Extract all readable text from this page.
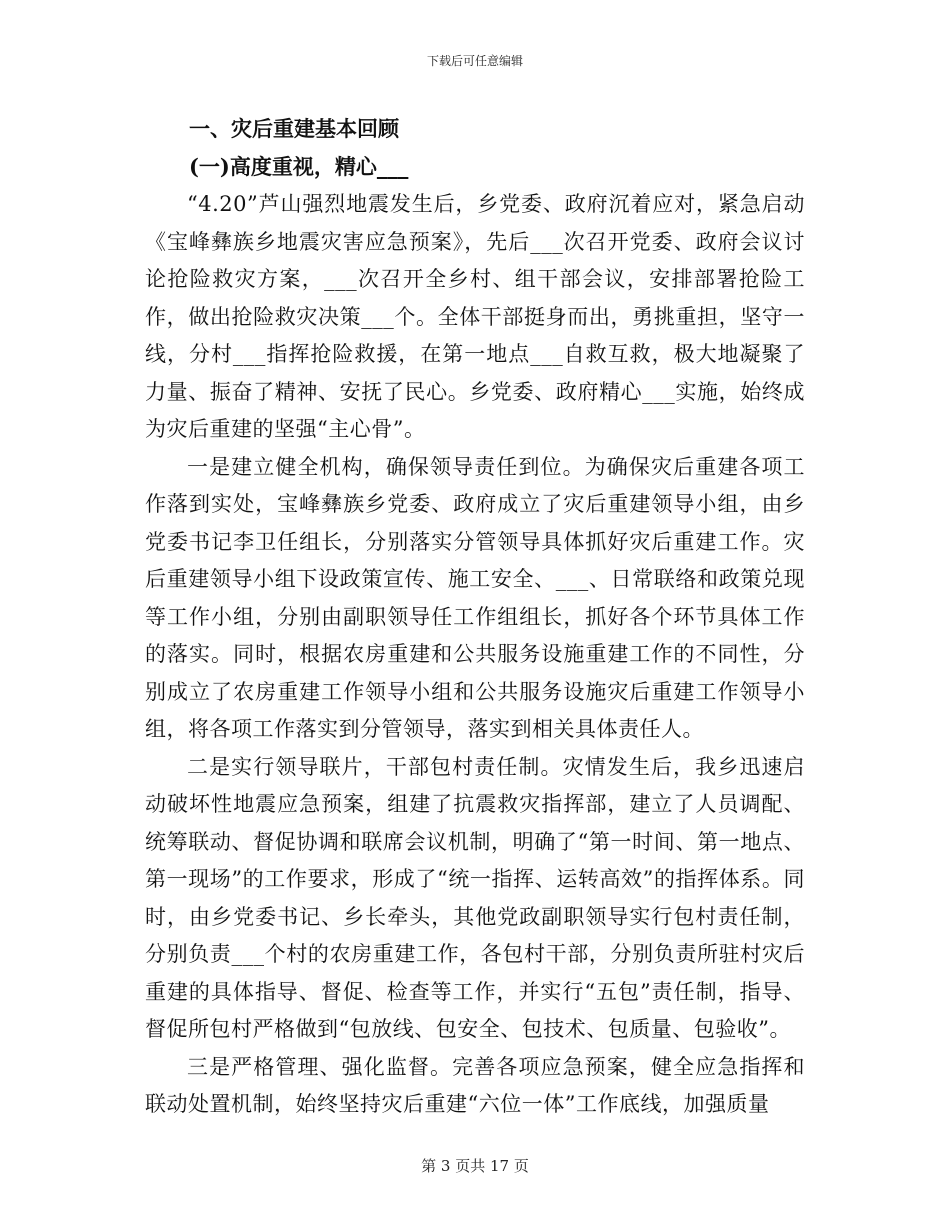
下载后可任意编辑

一、灾后重建基本回顾

(一)高度重视，精心___

“4.20”芦山强烈地震发生后，乡党委、政府沉着应对，紧急启动《宝峰彝族乡地震灾害应急预案》，先后___次召开党委、政府会议讨论抢险救灾方案，___次召开全乡村、组干部会议，安排部署抢险工作，做出抢险救灾决策___个。全体干部挺身而出，勇挑重担，坚守一线，分村___指挥抢险救援，在第一地点___自救互救，极大地凝聚了力量、振奋了精神、安抚了民心。乡党委、政府精心___实施，始终成为灾后重建的坚强“主心骨”。

一是建立健全机构，确保领导责任到位。为确保灾后重建各项工作落到实处，宝峰彝族乡党委、政府成立了灾后重建领导小组，由乡党委书记李卫任组长，分别落实分管领导具体抓好灾后重建工作。灾后重建领导小组下设政策宣传、施工安全、___、日常联络和政策兑现等工作小组，分别由副职领导任工作组组长，抓好各个环节具体工作的落实。同时，根据农房重建和公共服务设施重建工作的不同性，分别成立了农房重建工作领导小组和公共服务设施灾后重建工作领导小组，将各项工作落实到分管领导，落实到相关具体责任人。

二是实行领导联片，干部包村责任制。灾情发生后，我乡迅速启动破坏性地震应急预案，组建了抗震救灾指挥部，建立了人员调配、统筹联动、督促协调和联席会议机制，明确了“第一时间、第一地点、第一现场”的工作要求，形成了“统一指挥、运转高效”的指挥体系。同时，由乡党委书记、乡长牵头，其他党政副职领导实行包村责任制，分别负责___个村的农房重建工作，各包村干部，分别负责所驻村灾后重建的具体指导、督促、检查等工作，并实行“五包”责任制，指导、督促所包村严格做到“包放线、包安全、包技术、包质量、包验收”。

三是严格管理、强化监督。完善各项应急预案，健全应急指挥和联动处置机制，始终坚持灾后重建“六位一体”工作底线，加强质量

第 3 页共 17 页
